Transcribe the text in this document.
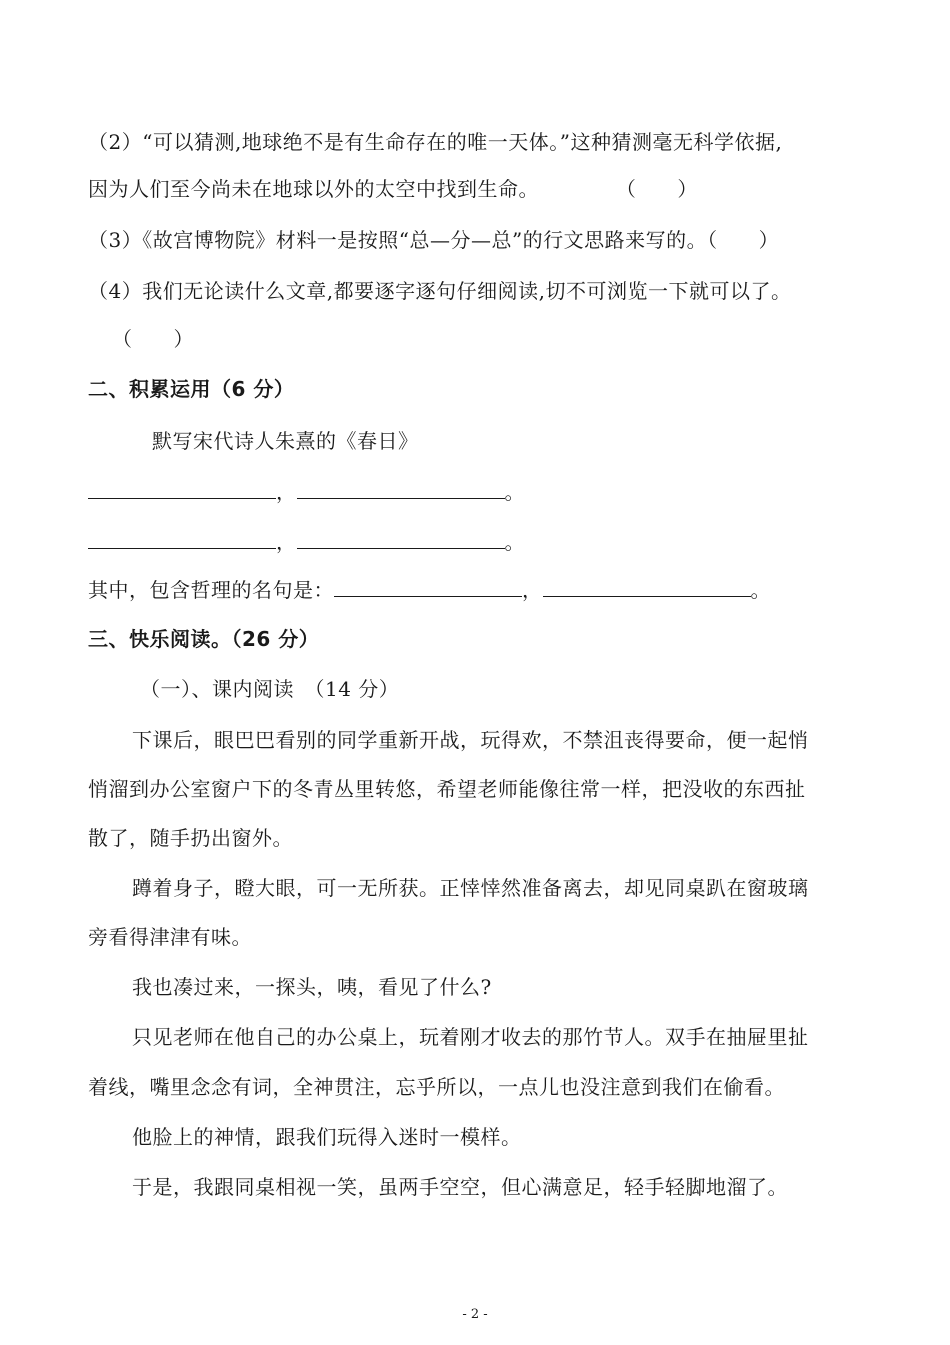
（2）“可以猜测,地球绝不是有生命存在的唯一天体。”这种猜测毫无科学依据,
因为人们至今尚未在地球以外的太空中找到生命。	（　　）
（3）《故宫博物院》材料一是按照“总—分—总”的行文思路来写的。（　　）
（4）我们无论读什么文章,都要逐字逐句仔细阅读,切不可浏览一下就可以了。
（　　）
二、积累运用（6 分）
默写宋代诗人朱熹的《春日》
，	。
，	。
其中，包含哲理的名句是：	，	。
三、快乐阅读。（26 分）
（一）、课内阅读　（14 分）
下课后，眼巴巴看别的同学重新开战，玩得欢，不禁沮丧得要命，便一起悄
悄溜到办公室窗户下的冬青丛里转悠，希望老师能像往常一样，把没收的东西扯
散了，随手扔出窗外。
蹲着身子，瞪大眼，可一无所获。正悻悻然准备离去，却见同桌趴在窗玻璃
旁看得津津有味。
我也凑过来，一探头，咦，看见了什么?
只见老师在他自己的办公桌上，玩着刚才收去的那竹节人。双手在抽屉里扯
着线，嘴里念念有词，全神贯注，忘乎所以，一点儿也没注意到我们在偷看。
他脸上的神情，跟我们玩得入迷时一模样。
于是，我跟同桌相视一笑，虽两手空空，但心满意足，轻手轻脚地溜了。
- 2 -
